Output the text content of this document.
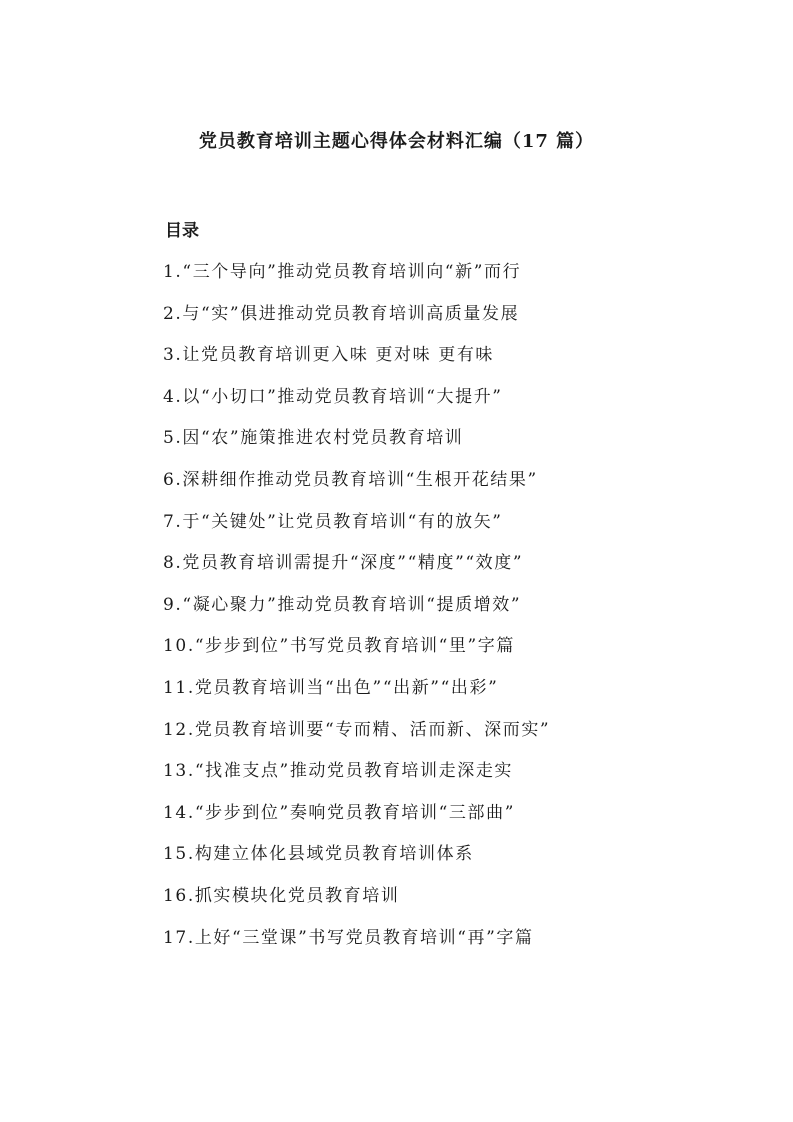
党员教育培训主题心得体会材料汇编（17 篇）
目录
1.“三个导向”推动党员教育培训向“新”而行
2.与“实”俱进推动党员教育培训高质量发展
3.让党员教育培训更入味 更对味 更有味
4.以“小切口”推动党员教育培训“大提升”
5.因“农”施策推进农村党员教育培训
6.深耕细作推动党员教育培训“生根开花结果”
7.于“关键处”让党员教育培训“有的放矢”
8.党员教育培训需提升“深度”“精度”“效度”
9.“凝心聚力”推动党员教育培训“提质增效”
10.“步步到位”书写党员教育培训“里”字篇
11.党员教育培训当“出色”“出新”“出彩”
12.党员教育培训要“专而精、活而新、深而实”
13.“找准支点”推动党员教育培训走深走实
14.“步步到位”奏响党员教育培训“三部曲”
15.构建立体化县域党员教育培训体系
16.抓实模块化党员教育培训
17.上好“三堂课”书写党员教育培训“再”字篇
